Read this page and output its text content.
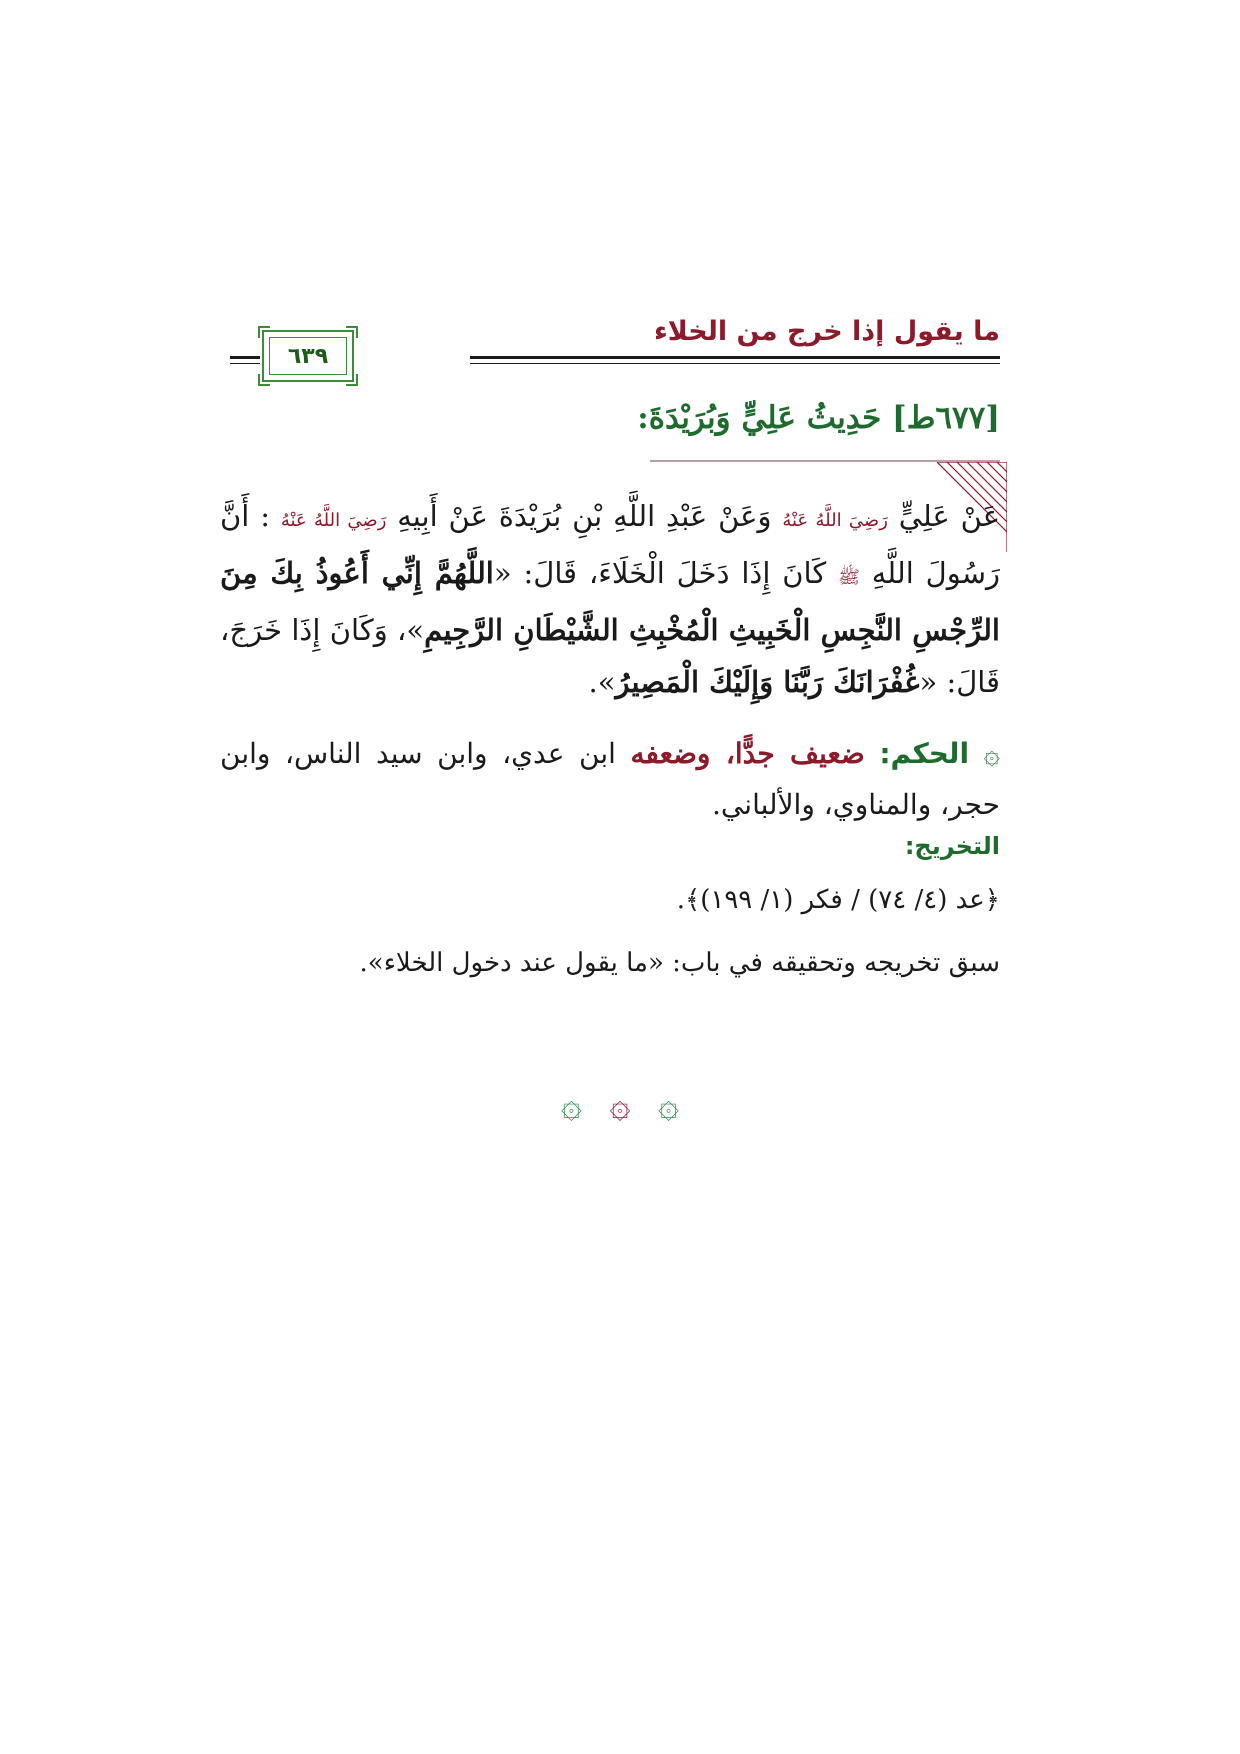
ما يقول إذا خرج من الخلاء
٦٣٩
[٦٧٧ط] حَدِيثُ عَلِيٍّ وَبُرَيْدَةَ:
عَنْ عَلِيٍّ رَضِيَ اللَّهُ عَنْهُ وَعَنْ عَبْدِ اللَّهِ بْنِ بُرَيْدَةَ عَنْ أَبِيهِ رَضِيَ اللَّهُ عَنْهُ : أَنَّ رَسُولَ اللَّهِ ﷺ كَانَ إِذَا دَخَلَ الْخَلَاءَ، قَالَ: «اللَّهُمَّ إِنِّي أَعُوذُ بِكَ مِنَ الرِّجْسِ النَّجِسِ الْخَبِيثِ الْمُخْبِثِ الشَّيْطَانِ الرَّجِيمِ»، وَكَانَ إِذَا خَرَجَ، قَالَ: «غُفْرَانَكَ رَبَّنَا وَإِلَيْكَ الْمَصِيرُ».
۞ الحكم: ضعيف جدًّا، وضعفه ابن عدي، وابن سيد الناس، وابن حجر، والمناوي، والألباني.
التخريج:
﴿عد (٤/ ٧٤) / فكر (١/ ١٩٩)﴾.
سبق تخريجه وتحقيقه في باب: «ما يقول عند دخول الخلاء».
۞ ۞ ۞
